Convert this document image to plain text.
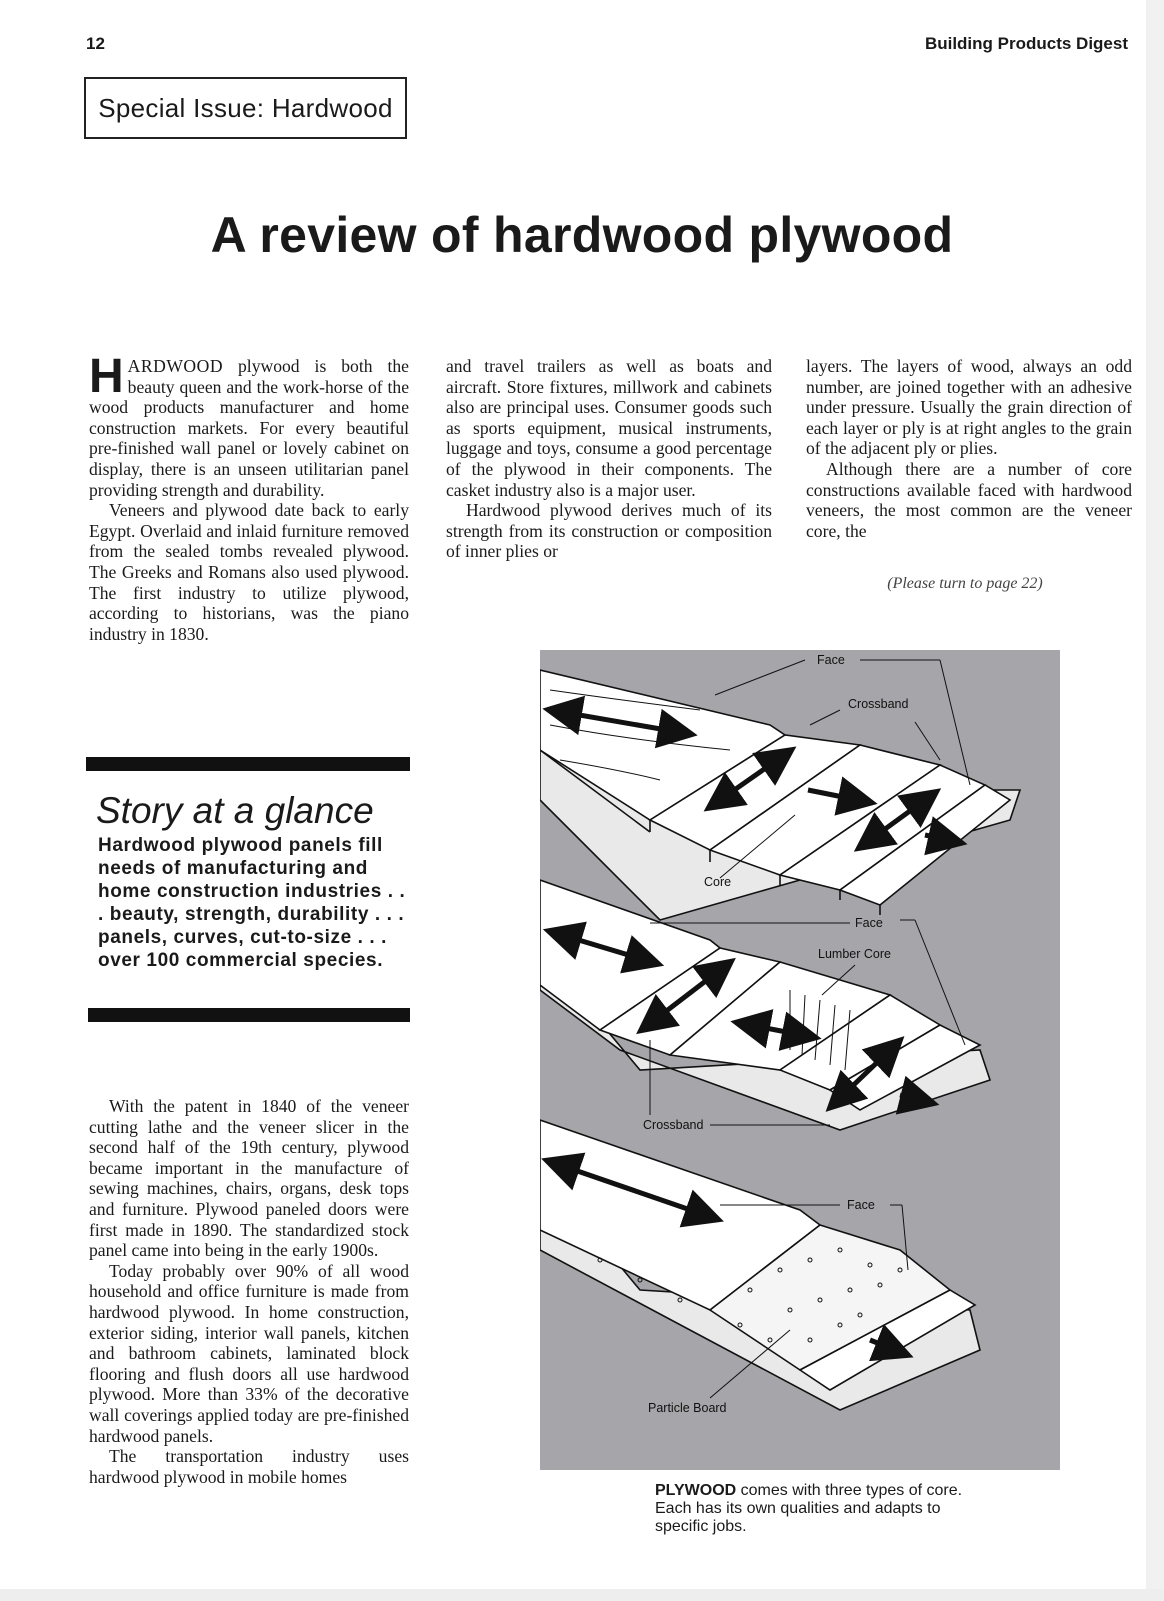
12	Building Products Digest
Special Issue: Hardwood
A review of hardwood plywood

HARDWOOD plywood is both the beauty queen and the work-horse of the wood products manufacturer and home construction markets. For every beautiful pre-finished wall panel or lovely cabinet on display, there is an unseen utilitarian panel providing strength and durability.

Veneers and plywood date back to early Egypt. Overlaid and inlaid furniture removed from the sealed tombs revealed plywood. The Greeks and Romans also used plywood. The first industry to utilize plywood, according to historians, was the piano industry in 1830.

Story at a glance
Hardwood plywood panels fill needs of manufacturing and home construction industries . . . beauty, strength, durability . . . panels, curves, cut-to-size . . . over 100 commercial species.

With the patent in 1840 of the veneer cutting lathe and the veneer slicer in the second half of the 19th century, plywood became important in the manufacture of sewing machines, chairs, organs, desk tops and furniture. Plywood paneled doors were first made in 1890. The standardized stock panel came into being in the early 1900s.

Today probably over 90% of all wood household and office furniture is made from hardwood plywood. In home construction, exterior siding, interior wall panels, kitchen and bathroom cabinets, laminated block flooring and flush doors all use hardwood plywood. More than 33% of the decorative wall coverings applied today are pre-finished hardwood panels.

The transportation industry uses hardwood plywood in mobile homes

and travel trailers as well as boats and aircraft. Store fixtures, millwork and cabinets also are principal uses. Consumer goods such as sports equipment, musical instruments, luggage and toys, consume a good percentage of the plywood in their components. The casket industry also is a major user.

Hardwood plywood derives much of its strength from its construction or composition of inner plies or

layers. The layers of wood, always an odd number, are joined together with an adhesive under pressure. Usually the grain direction of each layer or ply is at right angles to the grain of the adjacent ply or plies.

Although there are a number of core constructions available faced with hardwood veneers, the most common are the veneer core, the

(Please turn to page 22)
Face
Crossband
Core
Face
Lumber Core
Crossband
Face
Particle Board
PLYWOOD comes with three types of core. Each has its own qualities and adapts to specific jobs.
